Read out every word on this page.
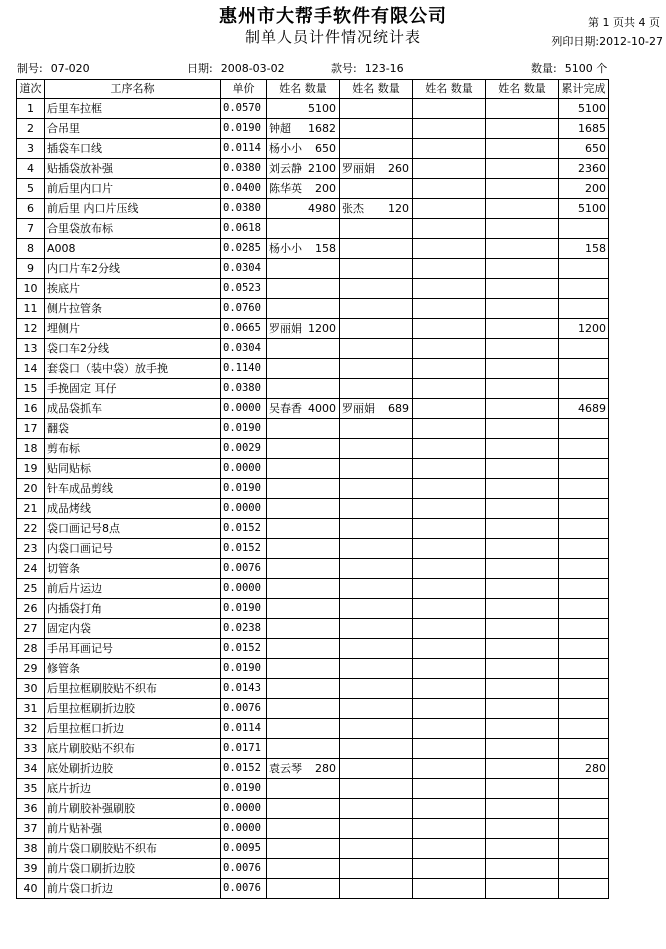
惠州市大帮手软件有限公司
制单人员计件情况统计表
第 1 页共 4 页
列印日期:2012-10-27
制号: 07-020	日期: 2008-03-02	款号: 123-16	数量: 5100 个
道次	工序名称	单价	姓名 数量	姓名 数量	姓名 数量	姓名 数量	累计完成
1	后里车拉框	0.0570	5100				5100
2	合吊里	0.0190	钟超 1682				1685
3	插袋车口线	0.0114	杨小小 650				650
4	贴插袋放补强	0.0380	刘云静 2100	罗丽娟 260			2360
5	前后里内口片	0.0400	陈华英 200				200
6	前后里 内口片压线	0.0380	4980	张杰 120			5100
7	合里袋放布标	0.0618	

8	A008	0.0285	杨小小 158				158
9	内口片车2分线	0.0304	

10	挨底片	0.0523	

11	侧片拉管条	0.0760	

12	埋侧片	0.0665	罗丽娟 1200				1200
13	袋口车2分线	0.0304	

14	套袋口（装中袋）放手挽	0.1140	

15	手挽固定 耳仔	0.0380	

16	成品袋抓车	0.0000	吴春香 4000	罗丽娟 689			4689
17	翻袋	0.0190	

18	剪布标	0.0029	

19	贴同贴标	0.0000	

20	针车成品剪线	0.0190	

21	成品烤线	0.0000	

22	袋口画记号8点	0.0152	

23	内袋口画记号	0.0152	

24	切管条	0.0076	

25	前后片运边	0.0000	

26	内插袋打角	0.0190	

27	固定内袋	0.0238	

28	手吊耳画记号	0.0152	

29	修管条	0.0190	

30	后里拉框刷胶贴不织布	0.0143	

31	后里拉框刷折边胶	0.0076	

32	后里拉框口折边	0.0114	

33	底片刷胶贴不织布	0.0171	

34	底处刷折边胶	0.0152	袁云琴 280				280
35	底片折边	0.0190	

36	前片刷胶补强刷胶	0.0000	

37	前片贴补强	0.0000	

38	前片袋口刷胶贴不织布	0.0095	

39	前片袋口刷折边胶	0.0076	

40	前片袋口折边	0.0076	
